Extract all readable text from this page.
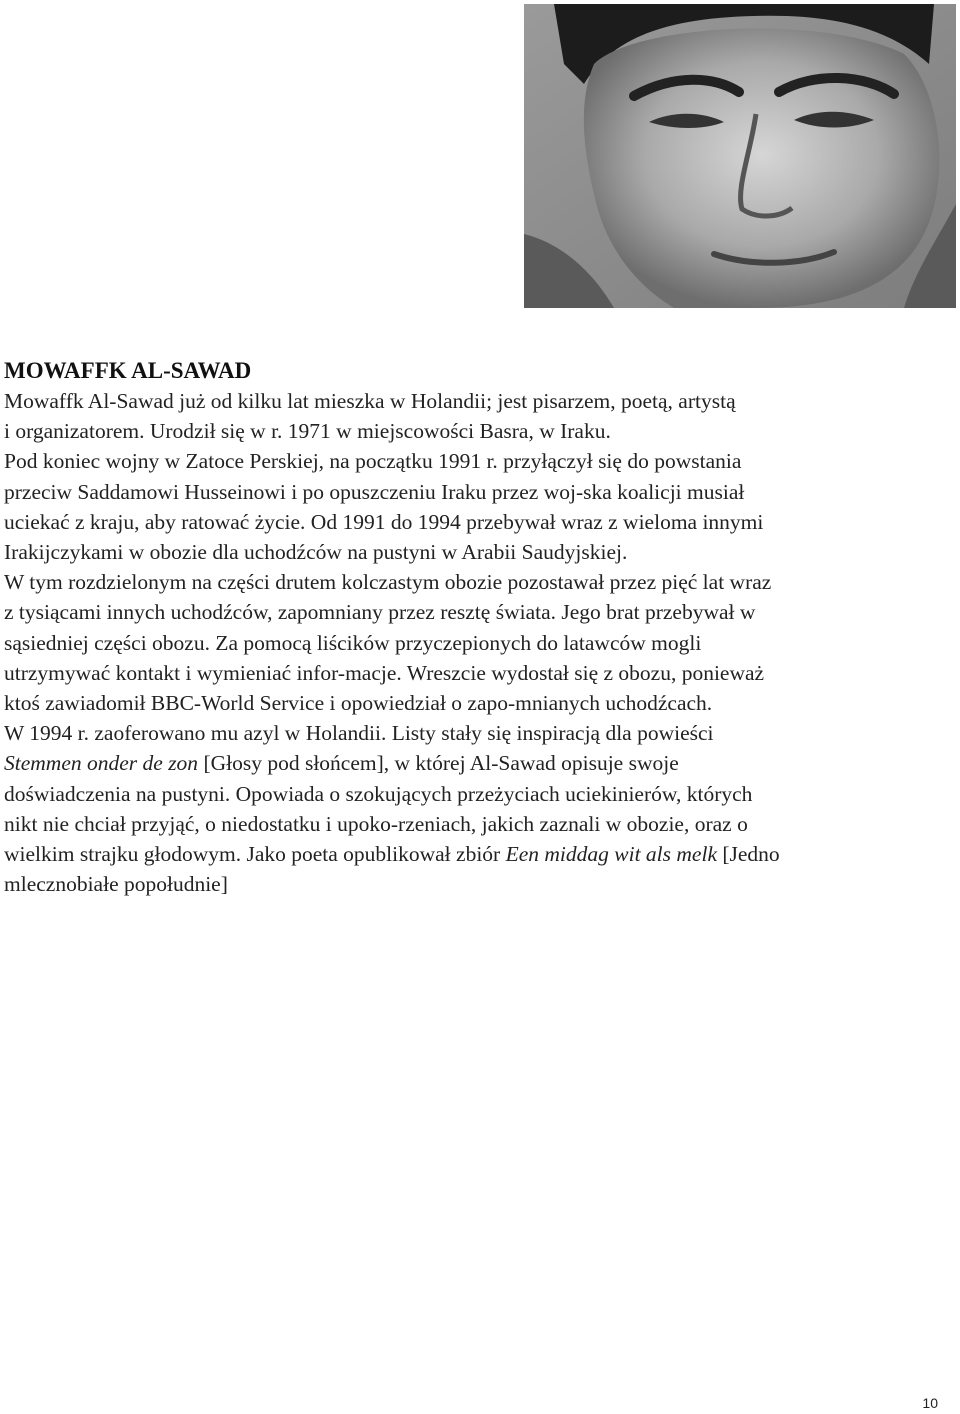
MOWAFFK AL-SAWAD

Mowaffk Al-Sawad już od kilku lat mieszka w Holandii; jest pisarzem, poetą, artystą
i organizatorem. Urodził się w r. 1971 w miejscowości Basra, w Iraku.
Pod koniec wojny w Zatoce Perskiej, na początku 1991 r. przyłączył się do powstania
przeciw Saddamowi Husseinowi i po opuszczeniu Iraku przez woj-ska koalicji musiał
uciekać z kraju, aby ratować życie. Od 1991 do 1994 przebywał wraz z wieloma innymi
Irakijczykami w obozie dla uchodźców na pustyni w Arabii Saudyjskiej.
W tym rozdzielonym na części drutem kolczastym obozie pozostawał przez pięć lat wraz
z tysiącami innych uchodźców, zapomniany przez resztę świata. Jego brat przebywał w
sąsiedniej części obozu. Za pomocą liścików przyczepionych do latawców mogli
utrzymywać kontakt i wymieniać infor-macje. Wreszcie wydostał się z obozu, ponieważ
ktoś zawiadomił BBC-World Service i opowiedział o zapo-mnianych uchodźcach.
W 1994 r. zaoferowano mu azyl w Holandii. Listy stały się inspiracją dla powieści
Stemmen onder de zon [Głosy pod słońcem], w której Al-Sawad opisuje swoje
doświadczenia na pustyni. Opowiada o szokujących przeżyciach uciekinierów, których
nikt nie chciał przyjąć, o niedostatku i upoko-rzeniach, jakich zaznali w obozie, oraz o
wielkim strajku głodowym. Jako poeta opublikował zbiór Een middag wit als melk [Jedno
mlecznobiałe popołudnie]

10
